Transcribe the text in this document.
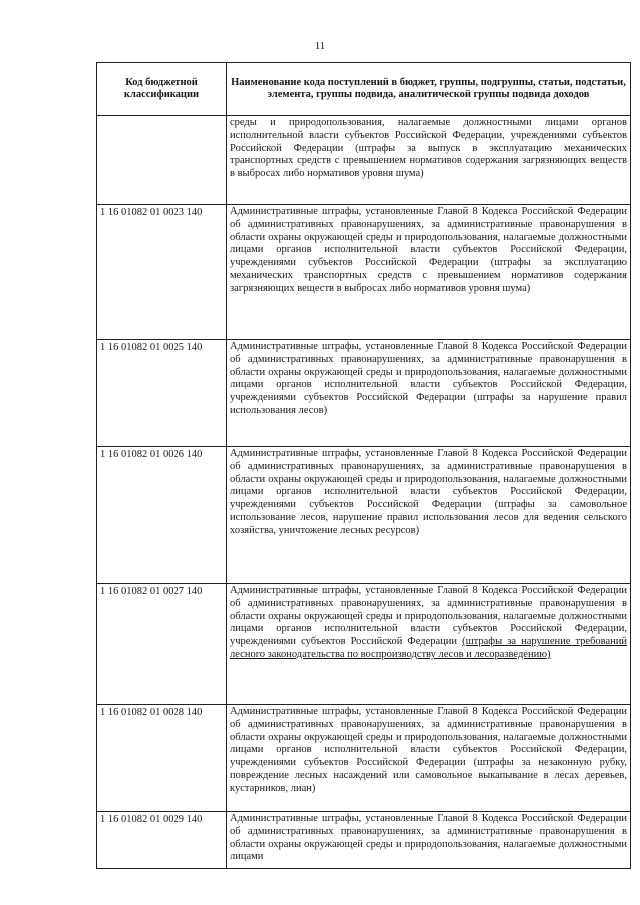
11
Код бюджетной классификации	Наименование кода поступлений в бюджет, группы, подгруппы, статьи, подстатьи, элемента, группы подвида, аналитической группы подвида доходов
	среды и природопользования, налагаемые должностными лицами органов исполнительной власти субъектов Российской Федерации, учреждениями субъектов Российской Федерации (штрафы за выпуск в эксплуатацию механических транспортных средств с превышением нормативов содержания загрязняющих веществ в выбросах либо нормативов уровня шума)
1 16 01082 01 0023 140	Административные штрафы, установленные Главой 8 Кодекса Российской Федерации об административных правонарушениях, за административные правонарушения в области охраны окружающей среды и природопользования, налагаемые должностными лицами органов исполнительной власти субъектов Российской Федерации, учреждениями субъектов Российской Федерации (штрафы за эксплуатацию механических транспортных средств с превышением нормативов содержания загрязняющих веществ в выбросах либо нормативов уровня шума)
1 16 01082 01 0025 140	Административные штрафы, установленные Главой 8 Кодекса Российской Федерации об административных правонарушениях, за административные правонарушения в области охраны окружающей среды и природопользования, налагаемые должностными лицами органов исполнительной власти субъектов Российской Федерации, учреждениями субъектов Российской Федерации (штрафы за нарушение правил использования лесов)
1 16 01082 01 0026 140	Административные штрафы, установленные Главой 8 Кодекса Российской Федерации об административных правонарушениях, за административные правонарушения в области охраны окружающей среды и природопользования, налагаемые должностными лицами органов исполнительной власти субъектов Российской Федерации, учреждениями субъектов Российской Федерации (штрафы за самовольное использование лесов, нарушение правил использования лесов для ведения сельского хозяйства, уничтожение лесных ресурсов)
1 16 01082 01 0027 140	Административные штрафы, установленные Главой 8 Кодекса Российской Федерации об административных правонарушениях, за административные правонарушения в области охраны окружающей среды и природопользования, налагаемые должностными лицами органов исполнительной власти субъектов Российской Федерации, учреждениями субъектов Российской Федерации (штрафы за нарушение требований лесного законодательства по воспроизводству лесов и лесоразведению)
1 16 01082 01 0028 140	Административные штрафы, установленные Главой 8 Кодекса Российской Федерации об административных правонарушениях, за административные правонарушения в области охраны окружающей среды и природопользования, налагаемые должностными лицами органов исполнительной власти субъектов Российской Федерации, учреждениями субъектов Российской Федерации (штрафы за незаконную рубку, повреждение лесных насаждений или самовольное выкапывание в лесах деревьев, кустарников, лиан)
1 16 01082 01 0029 140	Административные штрафы, установленные Главой 8 Кодекса Российской Федерации об административных правонарушениях, за административные правонарушения в области охраны окружающей среды и природопользования, налагаемые должностными лицами
